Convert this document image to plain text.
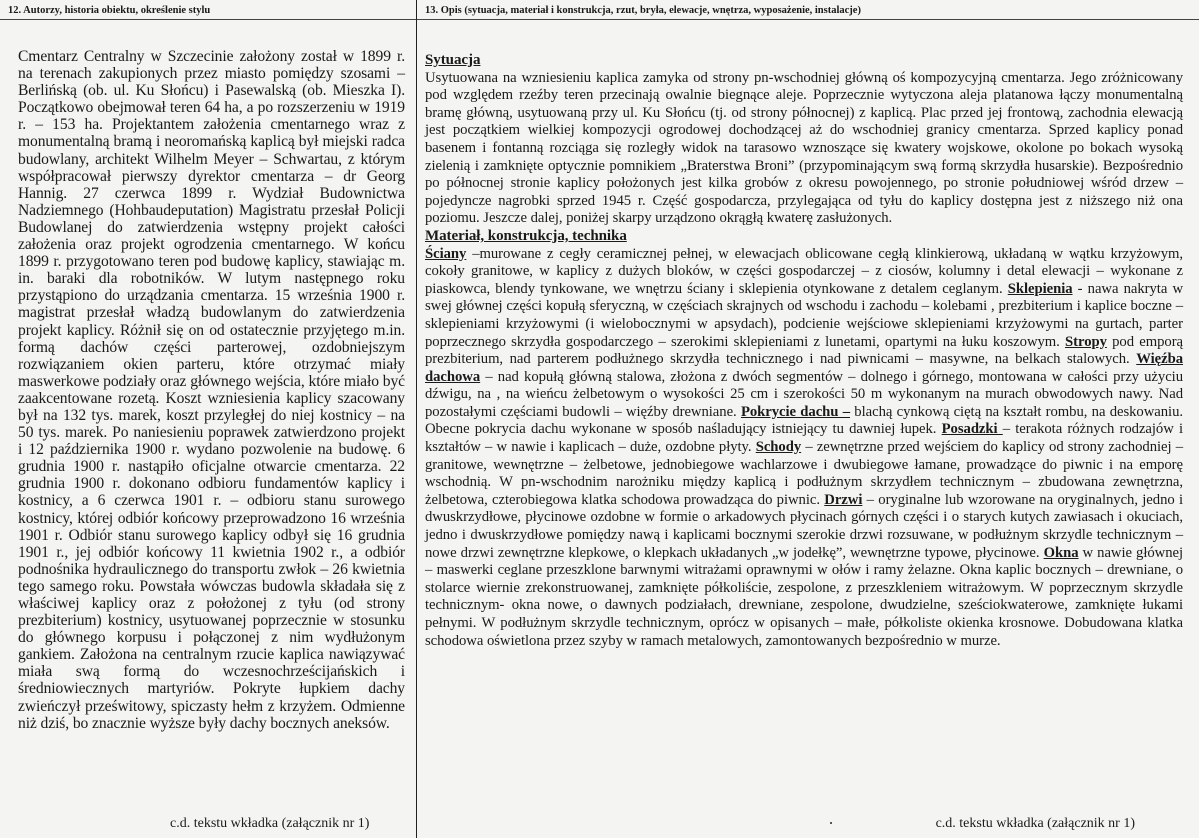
12. Autorzy, historia obiektu, określenie stylu
Cmentarz Centralny w Szczecinie założony został w 1899 r. na terenach zakupionych przez miasto pomiędzy szosami – Berlińską (ob. ul. Ku Słońcu) i Pasewalską (ob. Mieszka I). Początkowo obejmował teren 64 ha, a po rozszerzeniu w 1919 r. – 153 ha. Projektantem założenia cmentarnego wraz z monumentalną bramą i neoromańską kaplicą był miejski radca budowlany, architekt Wilhelm Meyer – Schwartau, z którym współpracował pierwszy dyrektor cmentarza – dr Georg Hannig. 27 czerwca 1899 r. Wydział Budownictwa Nadziemnego (Hohbaudeputation) Magistratu przesłał Policji Budowlanej do zatwierdzenia wstępny projekt całości założenia oraz projekt ogrodzenia cmentarnego. W końcu 1899 r. przygotowano teren pod budowę kaplicy, stawiając m. in. baraki dla robotników. W lutym następnego roku przystąpiono do urządzania cmentarza. 15 września 1900 r. magistrat przesłał władzą budowlanym do zatwierdzenia projekt kaplicy. Różnił się on od ostatecznie przyjętego m.in. formą dachów części parterowej, ozdobniejszym rozwiązaniem okien parteru, które otrzymać miały maswerkowe podziały oraz głównego wejścia, które miało być zaakcentowane rozetą. Koszt wzniesienia kaplicy szacowany był na 132 tys. marek, koszt przyległej do niej kostnicy – na 50 tys. marek. Po naniesieniu poprawek zatwierdzono projekt i 12 października 1900 r. wydano pozwolenie na budowę. 6 grudnia 1900 r. nastąpiło oficjalne otwarcie cmentarza. 22 grudnia 1900 r. dokonano odbioru fundamentów kaplicy i kostnicy, a 6 czerwca 1901 r. – odbioru stanu surowego kostnicy, której odbiór końcowy przeprowadzono 16 września 1901 r. Odbiór stanu surowego kaplicy odbył się 16 grudnia 1901 r., jej odbiór końcowy 11 kwietnia 1902 r., a odbiór podnośnika hydraulicznego do transportu zwłok – 26 kwietnia tego samego roku. Powstała wówczas budowla składała się z właściwej kaplicy oraz z położonej z tyłu (od strony prezbiterium) kostnicy, usytuowanej poprzecznie w stosunku do głównego korpusu i połączonej z nim wydłużonym gankiem. Założona na centralnym rzucie kaplica nawiązywać miała swą formą do wczesnochrześcijańskich i średniowiecznych martyriów. Pokryte łupkiem dachy zwieńczył prześwitowy, spiczasty hełm z krzyżem. Odmienne niż dziś, bo znacznie wyższe były dachy bocznych aneksów.
c.d. tekstu wkładka (załącznik nr 1)
13. Opis (sytuacja, materiał i konstrukcja, rzut, bryła, elewacje, wnętrza, wyposażenie, instalacje)
Sytuacja

Usytuowana na wzniesieniu kaplica zamyka od strony pn-wschodniej główną oś kompozycyjną cmentarza. Jego zróżnicowany pod względem rzeźby teren przecinają owalnie biegnące aleje. Poprzecznie wytyczona aleja platanowa łączy monumentalną bramę główną, usytuowaną przy ul. Ku Słońcu (tj. od strony północnej) z kaplicą. Plac przed jej frontową, zachodnia elewacją jest początkiem wielkiej kompozycji ogrodowej dochodzącej aż do wschodniej granicy cmentarza. Sprzed kaplicy ponad basenem i fontanną rozciąga się rozległy widok na tarasowo wznoszące się kwatery wojskowe, okolone po bokach wysoką zielenią i zamknięte optycznie pomnikiem „Braterstwa Broni” (przypominającym swą formą skrzydła husarskie). Bezpośrednio po północnej stronie kaplicy położonych jest kilka grobów z okresu powojennego, po stronie południowej wśród drzew – pojedyncze nagrobki sprzed 1945 r. Część gospodarcza, przylegająca od tyłu do kaplicy dostępna jest z niższego niż ona poziomu. Jeszcze dalej, poniżej skarpy urządzono okrągłą kwaterę zasłużonych.

Materiał, konstrukcja, technika

Ściany –murowane z cegły ceramicznej pełnej, w elewacjach oblicowane cegłą klinkierową, układaną w wątku krzyżowym, cokoły granitowe, w kaplicy z dużych bloków, w części gospodarczej – z ciosów, kolumny i detal elewacji – wykonane z piaskowca, blendy tynkowane, we wnętrzu ściany i sklepienia otynkowane z detalem ceglanym. Sklepienia - nawa nakryta w swej głównej części kopułą sferyczną, w częściach skrajnych od wschodu i zachodu – kolebami , prezbiterium i kaplice boczne – sklepieniami krzyżowymi (i wielobocznymi w apsydach), podcienie wejściowe sklepieniami krzyżowymi na gurtach, parter poprzecznego skrzydła gospodarczego – szerokimi sklepieniami z lunetami, opartymi na łuku koszowym. Stropy pod emporą prezbiterium, nad parterem podłużnego skrzydła technicznego i nad piwnicami – masywne, na belkach stalowych. Więźba dachowa – nad kopułą główną stalowa, złożona z dwóch segmentów – dolnego i górnego, montowana w całości przy użyciu dźwigu, na , na wieńcu żelbetowym o wysokości 25 cm i szerokości 50 m wykonanym na murach obwodowych nawy. Nad pozostałymi częściami budowli – więźby drewniane. Pokrycie dachu – blachą cynkową ciętą na kształt rombu, na deskowaniu. Obecne pokrycia dachu wykonane w sposób naśladujący istniejący tu dawniej łupek. Posadzki – terakota różnych rodzajów i kształtów – w nawie i kaplicach – duże, ozdobne płyty. Schody – zewnętrzne przed wejściem do kaplicy od strony zachodniej – granitowe, wewnętrzne – żelbetowe, jednobiegowe wachlarzowe i dwubiegowe łamane, prowadzące do piwnic i na emporę wschodnią. W pn-wschodnim narożniku między kaplicą i podłużnym skrzydłem technicznym – zbudowana zewnętrzna, żelbetowa, czterobiegowa klatka schodowa prowadząca do piwnic. Drzwi – oryginalne lub wzorowane na oryginalnych, jedno i dwuskrzydłowe, płycinowe ozdobne w formie o arkadowych płycinach górnych części i o starych kutych zawiasach i okuciach, jedno i dwuskrzydłowe pomiędzy nawą i kaplicami bocznymi szerokie drzwi rozsuwane, w podłużnym skrzydle technicznym – nowe drzwi zewnętrzne klepkowe, o klepkach układanych „w jodełkę”, wewnętrzne typowe, płycinowe. Okna w nawie głównej – maswerki ceglane przeszklone barwnymi witrażami oprawnymi w ołów i ramy żelazne. Okna kaplic bocznych – drewniane, o stolarce wiernie zrekonstruowanej, zamknięte półkoliście, zespolone, z przeszkleniem witrażowym. W poprzecznym skrzydle technicznym- okna nowe, o dawnych podziałach, drewniane, zespolone, dwudzielne, sześciokwaterowe, zamknięte łukami pełnymi. W podłużnym skrzydle technicznym, oprócz w opisanych – małe, półkoliste okienka krosnowe. Dobudowana klatka schodowa oświetlona przez szyby w ramach metalowych, zamontowanych bezpośrednio w murze.

c.d. tekstu wkładka (załącznik nr 1)
